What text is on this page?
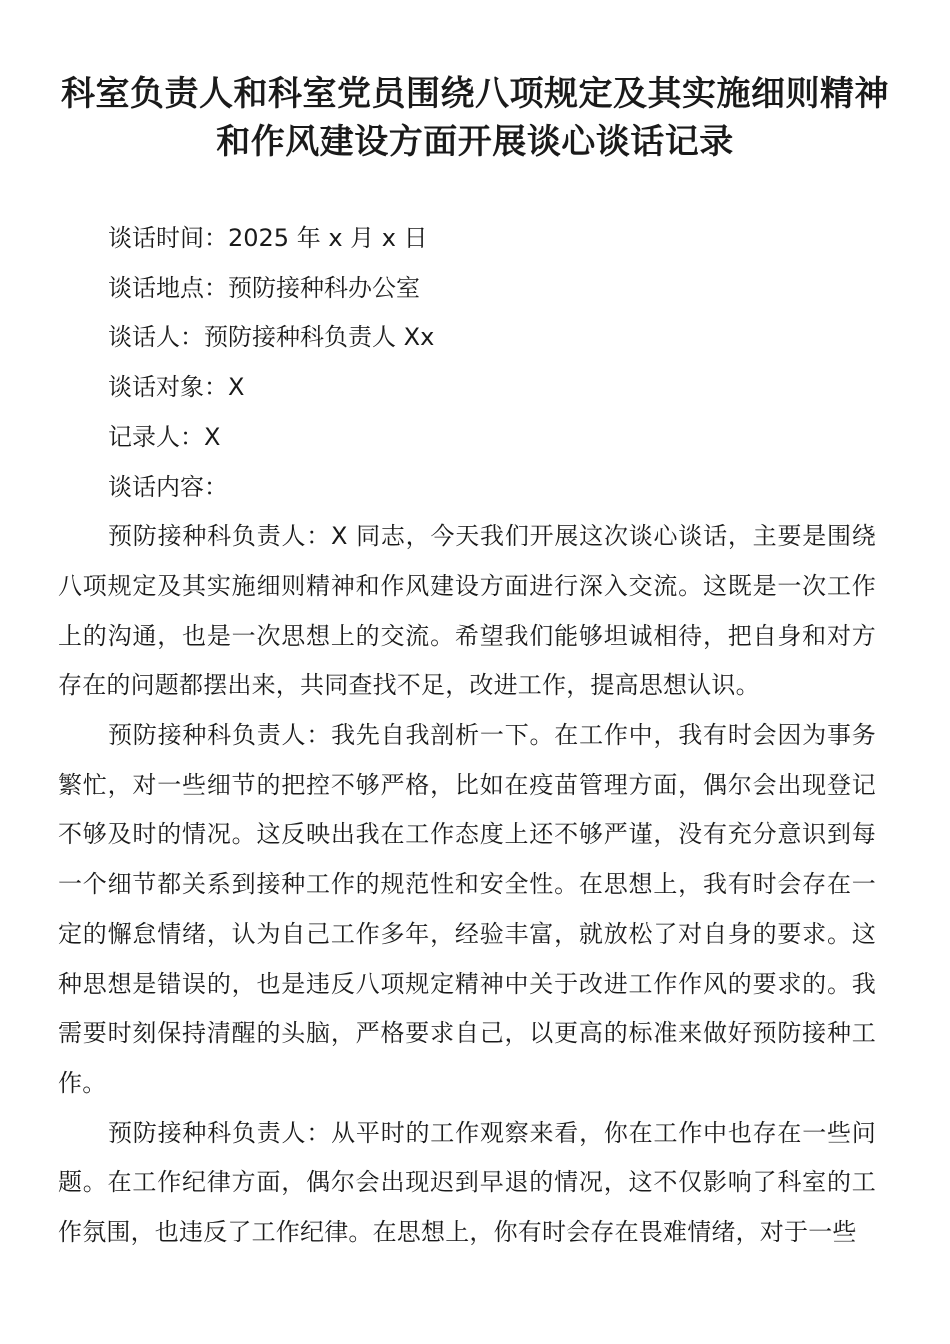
科室负责人和科室党员围绕八项规定及其实施细则精神和作风建设方面开展谈心谈话记录

谈话时间：2025 年 x 月 x 日

谈话地点：预防接种科办公室

谈话人：预防接种科负责人 Xx

谈话对象：X

记录人：X

谈话内容：

预防接种科负责人：X 同志，今天我们开展这次谈心谈话，主要是围绕八项规定及其实施细则精神和作风建设方面进行深入交流。这既是一次工作上的沟通，也是一次思想上的交流。希望我们能够坦诚相待，把自身和对方存在的问题都摆出来，共同查找不足，改进工作，提高思想认识。

预防接种科负责人：我先自我剖析一下。在工作中，我有时会因为事务繁忙，对一些细节的把控不够严格，比如在疫苗管理方面，偶尔会出现登记不够及时的情况。这反映出我在工作态度上还不够严谨，没有充分意识到每一个细节都关系到接种工作的规范性和安全性。在思想上，我有时会存在一定的懈怠情绪，认为自己工作多年，经验丰富，就放松了对自身的要求。这种思想是错误的，也是违反八项规定精神中关于改进工作作风的要求的。我需要时刻保持清醒的头脑，严格要求自己，以更高的标准来做好预防接种工作。

预防接种科负责人：从平时的工作观察来看，你在工作中也存在一些问题。在工作纪律方面，偶尔会出现迟到早退的情况，这不仅影响了科室的工作氛围，也违反了工作纪律。在思想上，你有时会存在畏难情绪，对于一些
